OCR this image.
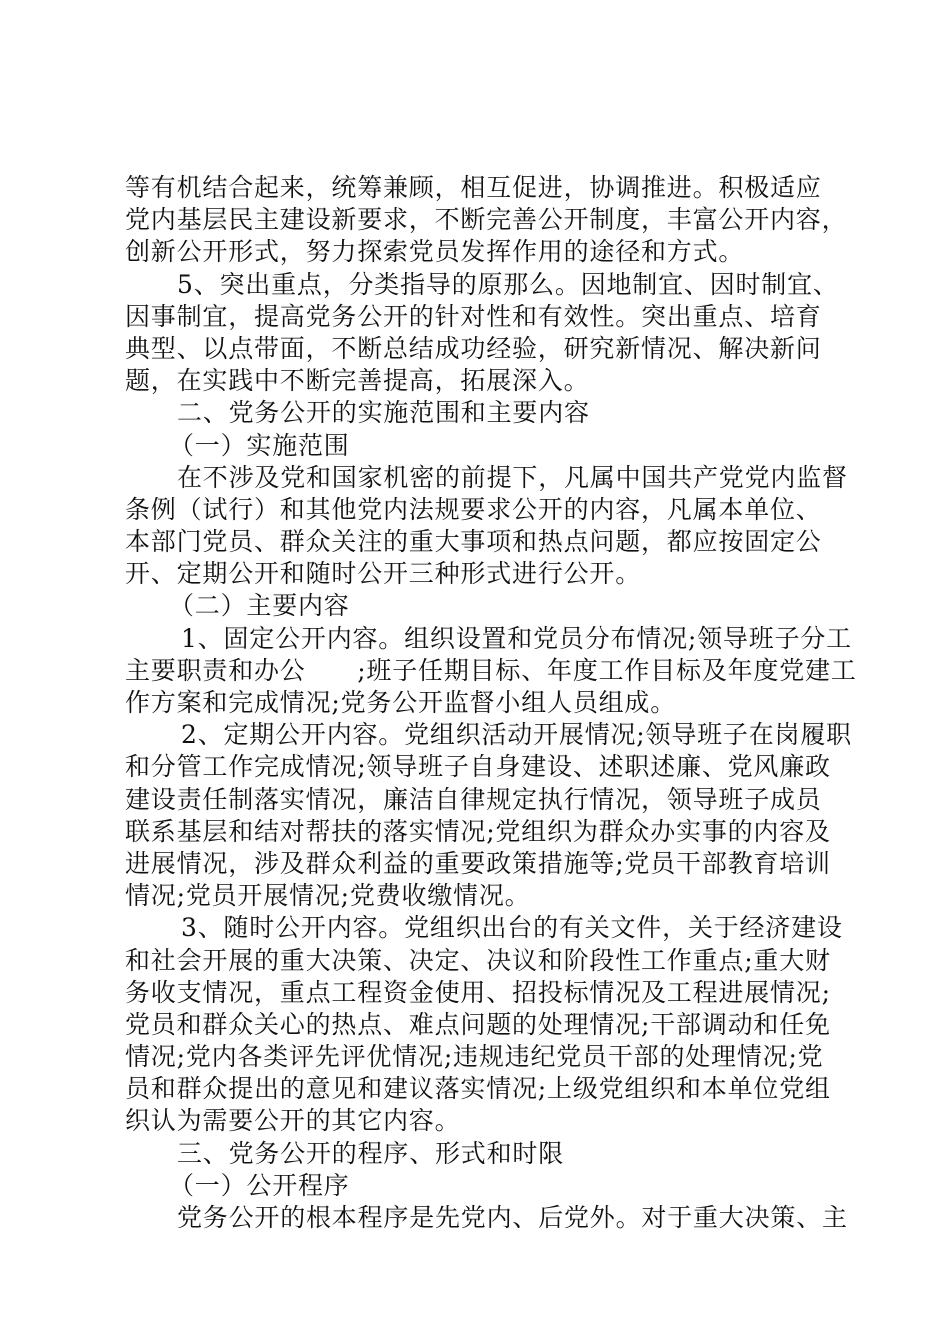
等有机结合起来，统筹兼顾，相互促进，协调推进。积极适应
党内基层民主建设新要求，不断完善公开制度，丰富公开内容，
创新公开形式，努力探索党员发挥作用的途径和方式。
5、突出重点，分类指导的原那么。因地制宜、因时制宜、
因事制宜，提高党务公开的针对性和有效性。突出重点、培育
典型、以点带面，不断总结成功经验，研究新情况、解决新问
题，在实践中不断完善提高，拓展深入。
二、党务公开的实施范围和主要内容
（一）实施范围
在不涉及党和国家机密的前提下，凡属中国共产党党内监督
条例（试行）和其他党内法规要求公开的内容，凡属本单位、
本部门党员、群众关注的重大事项和热点问题，都应按固定公
开、定期公开和随时公开三种形式进行公开。
（二）主要内容
1、固定公开内容。组织设置和党员分布情况;领导班子分工
主要职责和办公　　;班子任期目标、年度工作目标及年度党建工
作方案和完成情况;党务公开监督小组人员组成。
2、定期公开内容。党组织活动开展情况;领导班子在岗履职
和分管工作完成情况;领导班子自身建设、述职述廉、党风廉政
建设责任制落实情况，廉洁自律规定执行情况，领导班子成员
联系基层和结对帮扶的落实情况;党组织为群众办实事的内容及
进展情况，涉及群众利益的重要政策措施等;党员干部教育培训
情况;党员开展情况;党费收缴情况。
3、随时公开内容。党组织出台的有关文件，关于经济建设
和社会开展的重大决策、决定、决议和阶段性工作重点;重大财
务收支情况，重点工程资金使用、招投标情况及工程进展情况;
党员和群众关心的热点、难点问题的处理情况;干部调动和任免
情况;党内各类评先评优情况;违规违纪党员干部的处理情况;党
员和群众提出的意见和建议落实情况;上级党组织和本单位党组
织认为需要公开的其它内容。
三、党务公开的程序、形式和时限
（一）公开程序
党务公开的根本程序是先党内、后党外。对于重大决策、主
